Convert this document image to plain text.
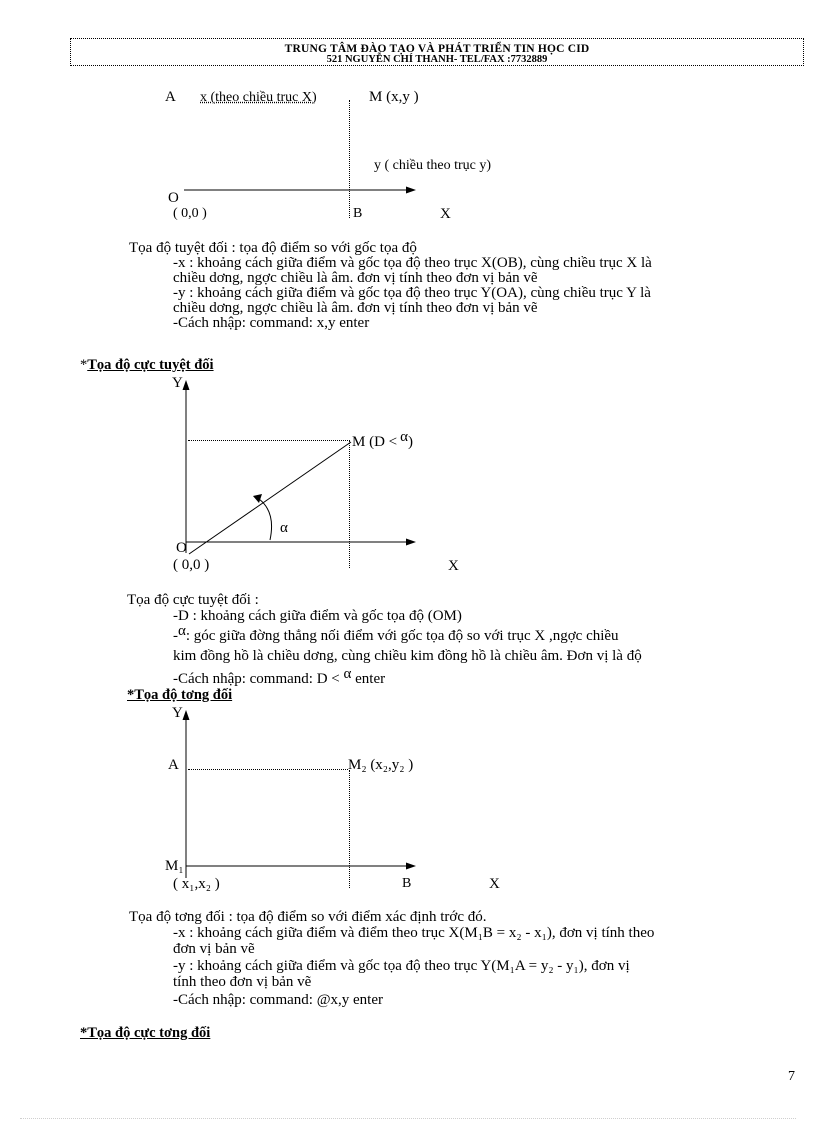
TRUNG TÂM ĐÀO TẠO VÀ PHÁT TRIỂN TIN HỌC CID
521 NGUYỄN CHÍ THANH- TEL/FAX :7732889
A x (theo chiều trục X)	M (x,y )
y ( chiều theo trục y)
O
( 0,0 )	B	X
Tọa độ tuyệt đối : tọa độ điểm so với gốc tọa độ
-x : khoảng cách giữa điểm và gốc tọa độ theo trục X(OB), cùng chiều trục X là
chiều dơng, ngợc chiều là âm. đơn vị tính theo đơn vị bản vẽ
-y : khoảng cách giữa điểm và gốc tọa độ theo trục Y(OA), cùng chiều trục Y là
chiều dơng, ngợc chiều là âm. đơn vị tính theo đơn vị bản vẽ
-Cách nhập: command: x,y enter
*Tọa độ cực tuyệt đối
Y
M (D < α)
α
O
( 0,0 )	X
Tọa độ cực tuyệt đối :
-D : khoảng cách giữa điểm và gốc tọa độ (OM)
-α: góc giữa đờng thẳng nối điểm với gốc tọa độ so với trục X ,ngợc chiều
kim đồng hồ là chiều dơng, cùng chiều kim đồng hồ là chiều âm. Đơn vị là độ
-Cách nhập: command: D < α enter
*Tọa độ tơng đối
Y
A	M₂ (x₂,y₂ )
M₁
( x₁,x₂ )	B	X
Tọa độ tơng đối : tọa độ điểm so với điểm xác định trớc đó.
-x : khoảng cách giữa điểm và điểm theo trục X(M₁B = x₂ - x₁), đơn vị tính theo
đơn vị bản vẽ
-y : khoảng cách giữa điểm và gốc tọa độ theo trục Y(M₁A = y₂ - y₁), đơn vị
tính theo đơn vị bản vẽ
-Cách nhập: command: @x,y enter
*Tọa độ cực tơng đối
7
